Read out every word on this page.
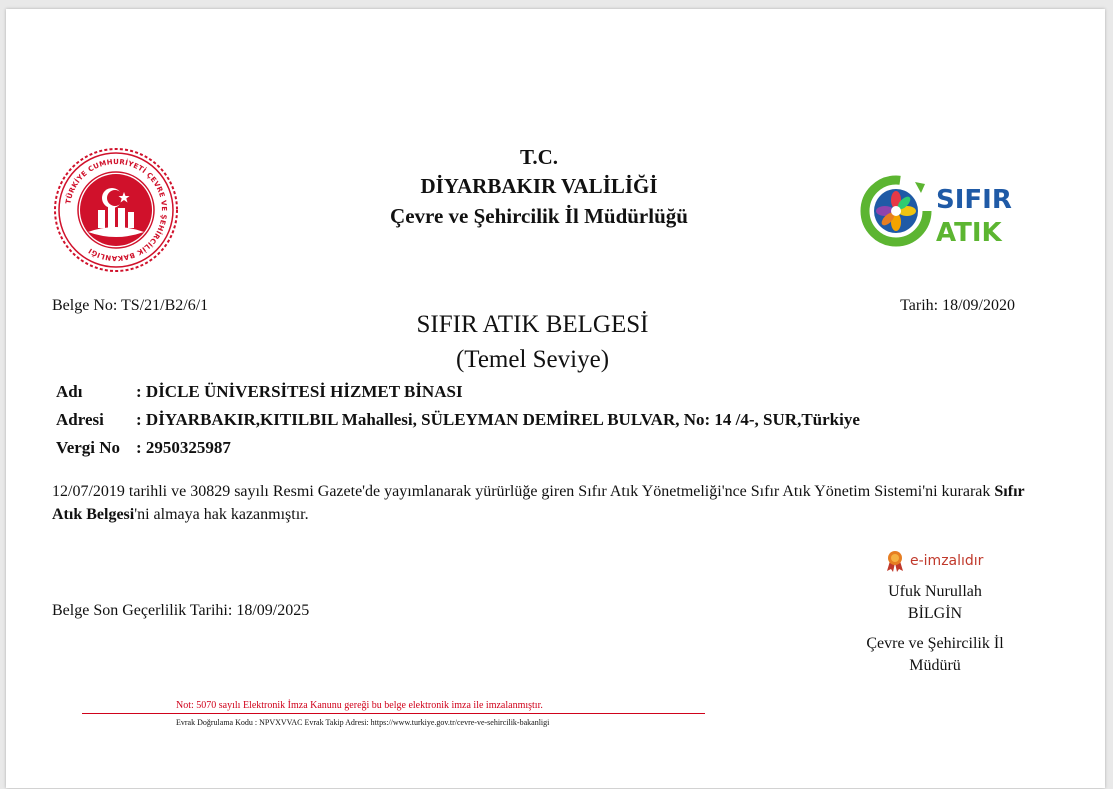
T.C.
DİYARBAKIR VALİLİĞİ
Çevre ve Şehircilik İl Müdürlüğü
TÜRKİYE CUMHURİYETİ ÇEVRE VE ŞEHİRCİLİK BAKANLIĞI
SIFIR
ATIK
Belge No: TS/21/B2/6/1	Tarih: 18/09/2020
SIFIR ATIK BELGESİ
(Temel Seviye)
Adı	: DİCLE ÜNİVERSİTESİ HİZMET BİNASI
Adresi : DİYARBAKIR,KITILBIL Mahallesi, SÜLEYMAN DEMİREL BULVAR, No: 14 /4-, SUR,Türkiye
Vergi No : 2950325987
12/07/2019 tarihli ve 30829 sayılı Resmi Gazete'de yayımlanarak yürürlüğe giren Sıfır Atık Yönetmeliği'nce Sıfır Atık Yönetim Sistemi'ni kurarak Sıfır Atık Belgesi'ni almaya hak kazanmıştır.
Belge Son Geçerlilik Tarihi: 18/09/2025
e-imzalıdır
Ufuk Nurullah
BİLGİN
Çevre ve Şehircilik İl
Müdürü
Not: 5070 sayılı Elektronik İmza Kanunu gereği bu belge elektronik imza ile imzalanmıştır.
Evrak Doğrulama Kodu : NPVXVVAC Evrak Takip Adresi: https://www.turkiye.gov.tr/cevre-ve-sehircilik-bakanligi
